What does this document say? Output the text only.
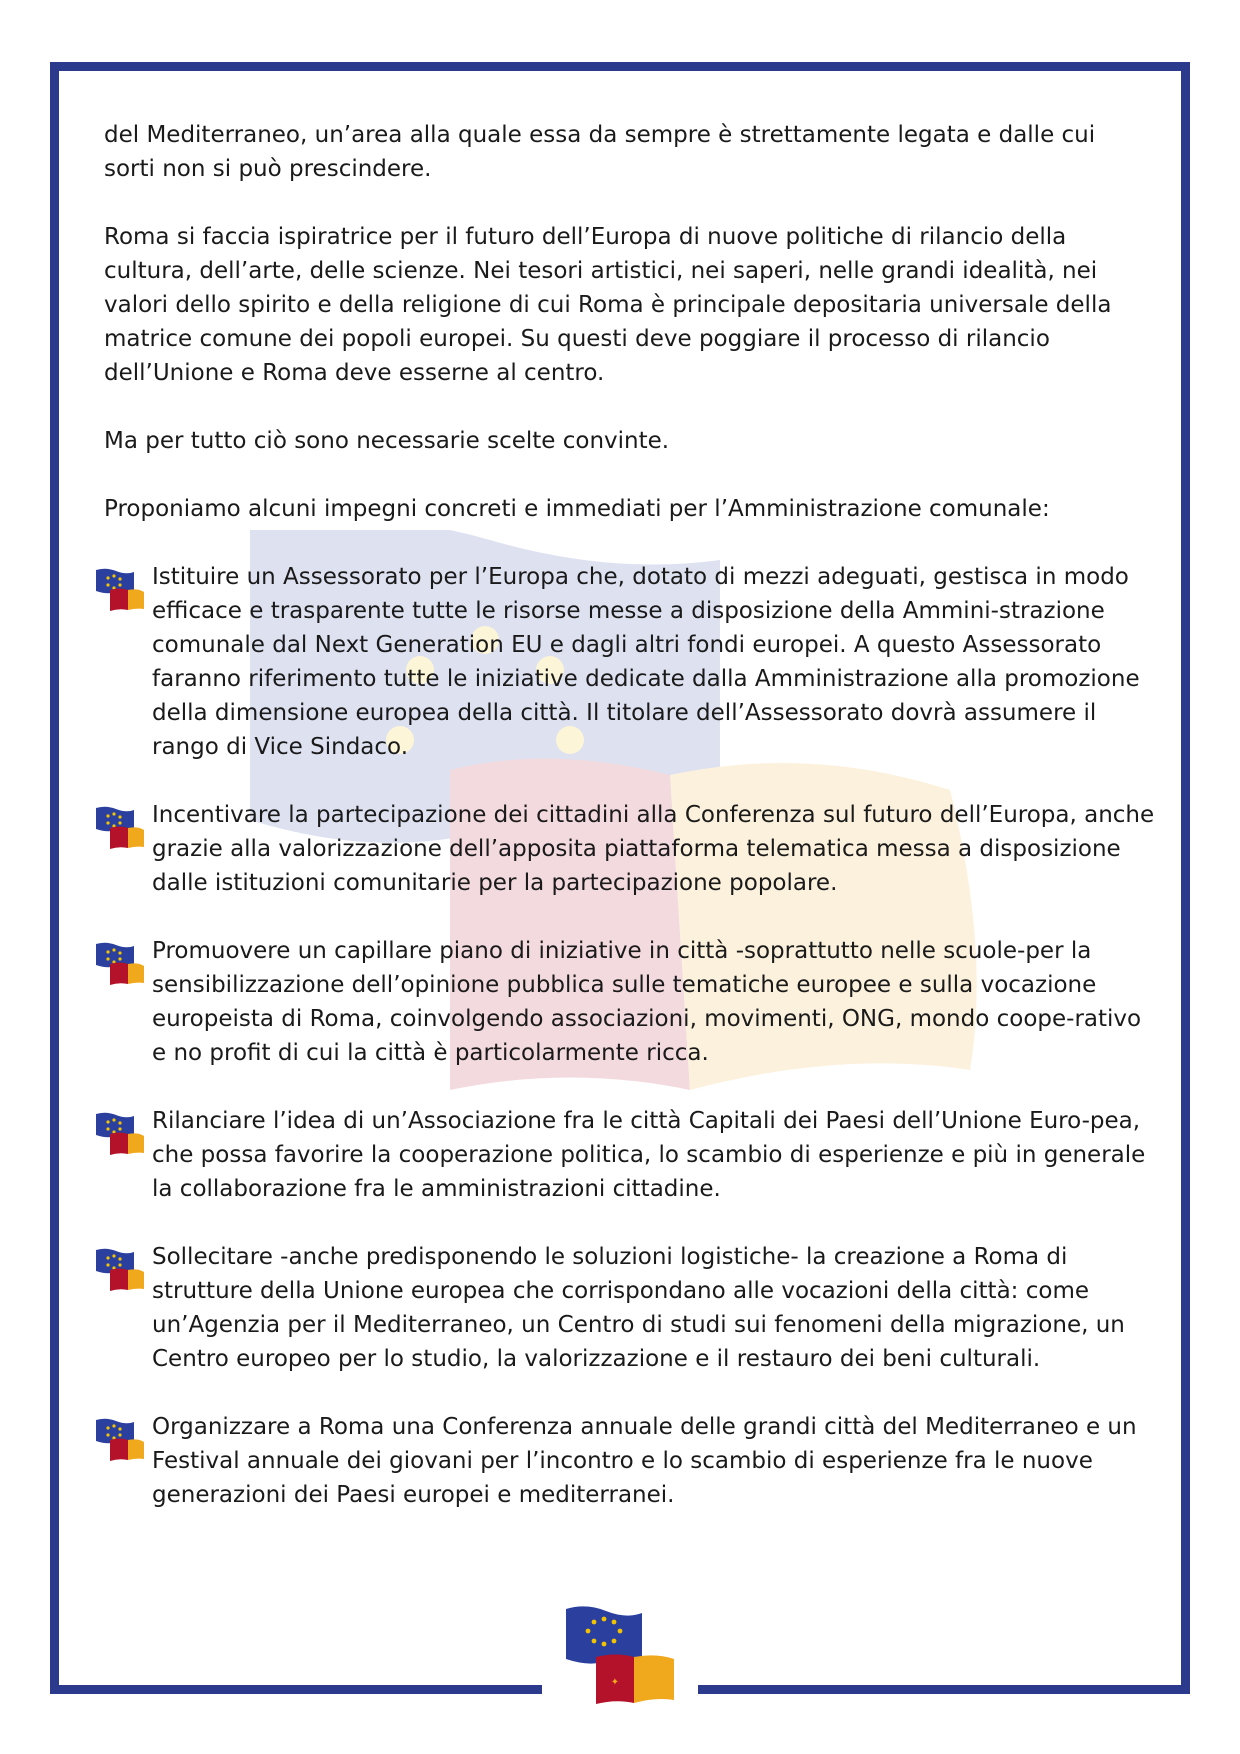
del Mediterraneo, un’area alla quale essa da sempre è strettamente legata e dalle cui sorti non si può prescindere.

Roma si faccia ispiratrice per il futuro dell’Europa di nuove politiche di rilancio della cultura, dell’arte, delle scienze. Nei tesori artistici, nei saperi, nelle grandi idealità, nei valori dello spirito e della religione di cui Roma è principale depositaria universale della matrice comune dei popoli europei. Su questi deve poggiare il processo di rilancio dell’Unione e Roma deve esserne al centro.

Ma per tutto ciò sono necessarie scelte convinte.

Proponiamo alcuni impegni concreti e immediati per l’Amministrazione comunale:

Istituire un Assessorato per l’Europa che, dotato di mezzi adeguati, gestisca in modo efficace e trasparente tutte le risorse messe a disposizione della Ammini-strazione comunale dal Next Generation EU e dagli altri fondi europei. A questo Assessorato faranno riferimento tutte le iniziative dedicate dalla Amministrazione alla promozione della dimensione europea della città. Il titolare dell’Assessorato dovrà assumere il rango di Vice Sindaco.
Incentivare la partecipazione dei cittadini alla Conferenza sul futuro dell’Europa, anche grazie alla valorizzazione dell’apposita piattaforma telematica messa a disposizione dalle istituzioni comunitarie per la partecipazione popolare.
Promuovere un capillare piano di iniziative in città -soprattutto nelle scuole-per la sensibilizzazione dell’opinione pubblica sulle tematiche europee e sulla vocazione europeista di Roma, coinvolgendo associazioni, movimenti, ONG, mondo coope-rativo e no profit di cui la città è particolarmente ricca.
Rilanciare l’idea di un’Associazione fra le città Capitali dei Paesi dell’Unione Euro-pea, che possa favorire la cooperazione politica, lo scambio di esperienze e più in generale la collaborazione fra le amministrazioni cittadine.
Sollecitare -anche predisponendo le soluzioni logistiche- la creazione a Roma di strutture della Unione europea che corrispondano alle vocazioni della città: come un’Agenzia per il Mediterraneo, un Centro di studi sui fenomeni della migrazione, un Centro europeo per lo studio, la valorizzazione e il restauro dei beni culturali.
Organizzare a Roma una Conferenza annuale delle grandi città del Mediterraneo e un Festival annuale dei giovani per l’incontro e lo scambio di esperienze fra le nuove generazioni dei Paesi europei e mediterranei.
✦
